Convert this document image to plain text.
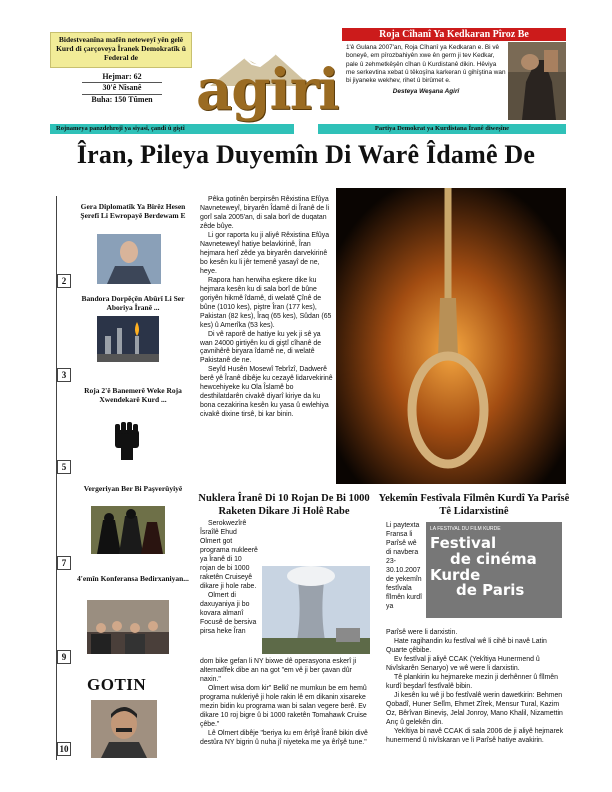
Bidestveanîna mafên neteweyî yên gelê Kurd di çarçoveya Îranek Demokratîk û Federal de
Hejmar: 62
30'ê Nîsanê
Buha: 150 Tûmen agiri
Roja Cîhanî Ya Kedkaran Pîroz Be
1'ê Gulana 2007'an, Roja Cîhanî ya Kedkaran e. Bi vê boneyê, em pîrozbahiyên xwe ên germ ji tev Kedkar, pale û zehmetkêşên cîhan û Kurdistanê dikin. Hêviya me serkevtina xebat û têkoşîna karkeran û gihîştina wan bi jiyaneke wekhev, rihet û birûmet e.
Desteya Weşana Agirî
Rojnameya panzdehrojî ya siyasî, çandî û giştî	Partiya Demokrat ya Kurdistana Îranê diweşîne
Îran, Pileya Duyemîn Di Warê Îdamê De
Gera Diplomatîk Ya Birêz Hesen Şerefî Li Ewropayê Berdewam E
2
Bandora Dorpêçên Abûrî Li Ser Aboriya Îranê ...
3
Roja 2'ê Banemerê Weke Roja Xwendekarê Kurd ...
5
Vergeriyan Ber Bi Paşverûyiyê
7
4'emîn Konferansa Bedirxaniyan...
9
GOTIN
10

Pêka gotinên berpirsên Rêxistina Efûya Navneteweyî, biryarên Îdamê di Îranê de li gorî sala 2005'an, di sala borî de duqatan zêde bûye.

Li gor raporta ku ji aliyê Rêxistina Efûya Navneteweyî hatiye belavkirinê, Îran hejmara herî zêde ya biryarên darvekirinê bo kesên ku li jêr temenê yasayî de ne, heye.

Rapora han herwiha eşkere dike ku hejmara kesên ku di sala borî de bûne goriyên hikmê îdamê, di welatê Çînê de bûne (1010 kes), piştre Îran (177 kes), Pakistan (82 kes), Îraq (65 kes), Sûdan (65 kes) û Amerîka (53 kes).

Di vê raporê de hatiye ku yek ji sê ya wan 24000 girtiyên ku di giştî cîhanê de çavnihêrê biryara îdamê ne, di welatê Pakistanê de ne.

Seyîd Husên Mosewî Tebrîzî, Dadwerê berê yê Îranê dibêje ku cezayê lidarvekirinê hewcehiyeke ku Ola Îslamê bo desthilatdarên civakê diyarî kiriye da ku bona cezakirina kesên ku yasa û ewlehiya civakê dixine tirsê, bi kar binin.

Nuklera Îranê Di 10 Rojan De Bi 1000 Raketen Dikare Ji Holê Rabe

Serokwezîrê Îsraîlê Ehud Olmert got programa nukleerê ya Îranê di 10 rojan de bi 1000 raketên Cruiseyê dikare ji hole rabe.

Olmert di daxuyaniya ji bo kovara almanî Focusê de bersiva pirsa heke Îran

dom bike gefan li NY bixwe dê operasyona eskerî ji alternatîfek dibe an na got "em vê ji ber çavan dûr naxin."

Olmert wisa dom kir" Belkî ne mumkun be em hemû programa nukleriyê ji hole rakin lê em dikanin xisareke mezin bidin ku programa wan bi salan vegere berê. Ev dikare 10 roj bigre û bi 1000 raketên Tomahawk Cruise çêbe."

Lê Olmert dibêje "beriya ku em êrîşê Îranê bikin divê destûra NY bigrin û nuha jî niyeteka me ya êrîşê tune."

Yekemîn Festîvala Fîlmên Kurdî Ya Parîsê Tê Lidarxistinê
Li paytexta Fransa li Parîsê wê di navbera 23-30.10.2007 de yekemîn festîvala fîlmên kurdî ya
LA FESTIVAL DU FILM KURDE
Festival
de cinéma
Kurde
de Paris

Parîsê were li darxistin.

Hate ragihandin ku festîval wê li cihê bi navê Latin Quarte çêbibe.

Ev festîval ji aliyê CCAK (Yekîtiya Hunermend û Nivîskarên Senaryo) ve wê were li darxistin.

Tê plankirin ku hejmareke mezin ji derhênner û fîlmên kurdî beşdarî festîvalê bibin.

Ji kesên ku wê ji bo festîvalê werin dawetkirin: Behmen Qobadî, Huner Selîm, Ehmet Zîrek, Mensur Tural, Kazim Oz, Bêrîvan Bineviş, Jelal Jonroy, Mano Khalil, Nizamettin Arıç û gelekên din.

Yekîtiya bi navê CCAK di sala 2006 de ji aliyê hejmarek hunermend û nivîskaran ve li Parîsê hatiye avakirin.
